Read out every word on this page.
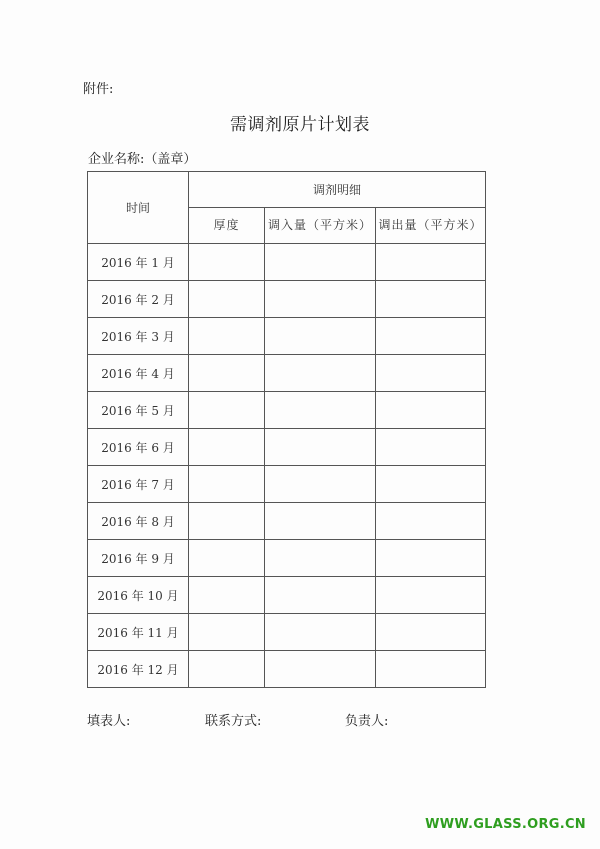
附件:
需调剂原片计划表
企业名称:（盖章）
时间	调剂明细		
	厚度	调入量（平方米）	调出量（平方米）
2016 年 1 月			
2016 年 2 月			
2016 年 3 月			
2016 年 4 月			
2016 年 5 月			
2016 年 6 月			
2016 年 7 月			
2016 年 8 月			
2016 年 9 月			
2016 年 10 月			
2016 年 11 月			
2016 年 12 月			
填表人:	联系方式:	负责人:
WWW.GLASS.ORG.CN
